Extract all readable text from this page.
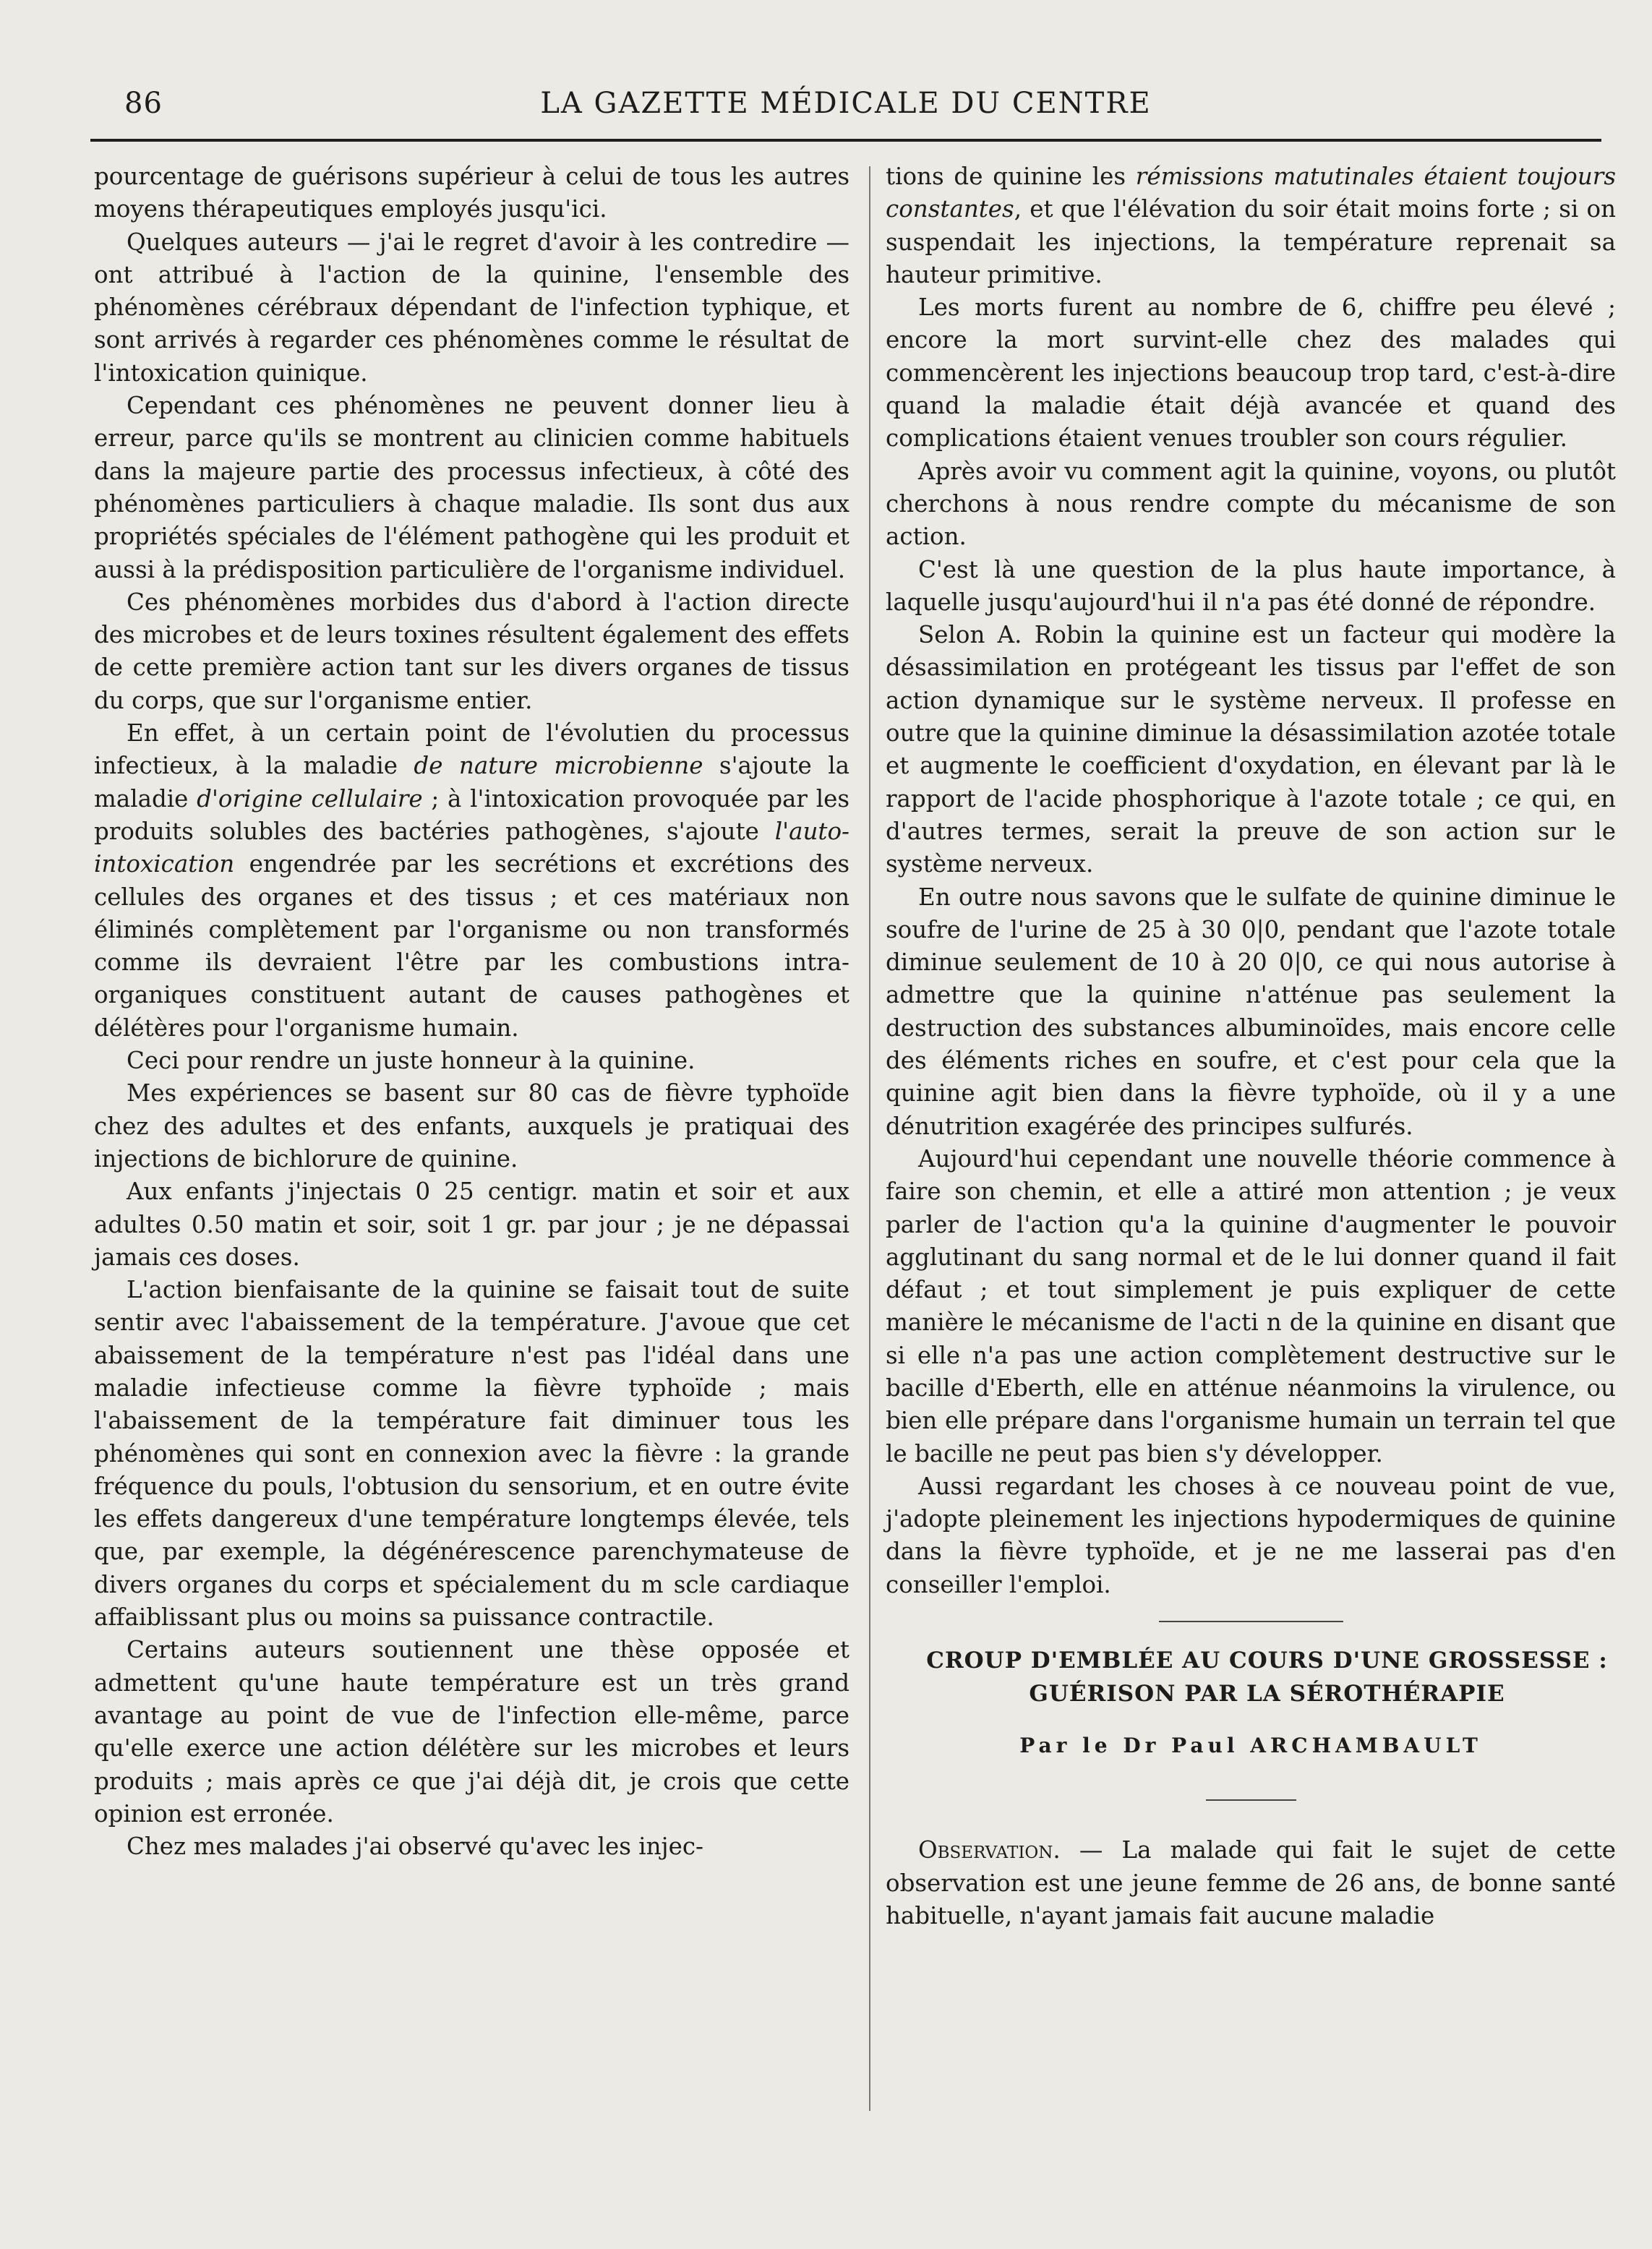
86	LA GAZETTE MÉDICALE DU CENTRE

pourcentage de guérisons supérieur à celui de tous les autres moyens thérapeutiques employés jusqu'ici.

Quelques auteurs — j'ai le regret d'avoir à les contredire — ont attribué à l'action de la quinine, l'ensemble des phénomènes cérébraux dépendant de l'infection typhique, et sont arrivés à regarder ces phénomènes comme le résultat de l'intoxication quinique.

Cependant ces phénomènes ne peuvent donner lieu à erreur, parce qu'ils se montrent au clinicien comme habituels dans la majeure partie des processus infectieux, à côté des phénomènes particuliers à chaque maladie. Ils sont dus aux propriétés spéciales de l'élément pathogène qui les produit et aussi à la prédisposition particulière de l'organisme individuel.

Ces phénomènes morbides dus d'abord à l'action directe des microbes et de leurs toxines résultent également des effets de cette première action tant sur les divers organes de tissus du corps, que sur l'organisme entier.

En effet, à un certain point de l'évolutien du processus infectieux, à la maladie de nature microbienne s'ajoute la maladie d'origine cellulaire ; à l'intoxication provoquée par les produits solubles des bactéries pathogènes, s'ajoute l'auto-intoxication engendrée par les secrétions et excrétions des cellules des organes et des tissus ; et ces matériaux non éliminés complètement par l'organisme ou non transformés comme ils devraient l'être par les combustions intra-organiques constituent autant de causes pathogènes et délétères pour l'organisme humain.

Ceci pour rendre un juste honneur à la quinine.

Mes expériences se basent sur 80 cas de fièvre typhoïde chez des adultes et des enfants, auxquels je pratiquai des injections de bichlorure de quinine.

Aux enfants j'injectais 0 25 centigr. matin et soir et aux adultes 0.50 matin et soir, soit 1 gr. par jour ; je ne dépassai jamais ces doses.

L'action bienfaisante de la quinine se faisait tout de suite sentir avec l'abaissement de la température. J'avoue que cet abaissement de la température n'est pas l'idéal dans une maladie infectieuse comme la fièvre typhoïde ; mais l'abaissement de la température fait diminuer tous les phénomènes qui sont en connexion avec la fièvre : la grande fréquence du pouls, l'obtusion du sensorium, et en outre évite les effets dangereux d'une température longtemps élevée, tels que, par exemple, la dégénérescence parenchymateuse de divers organes du corps et spécialement du m scle cardiaque affaiblissant plus ou moins sa puissance contractile.

Certains auteurs soutiennent une thèse opposée et admettent qu'une haute température est un très grand avantage au point de vue de l'infection elle-même, parce qu'elle exerce une action délétère sur les microbes et leurs produits ; mais après ce que j'ai déjà dit, je crois que cette opinion est erronée.

Chez mes malades j'ai observé qu'avec les injec-

tions de quinine les rémissions matutinales étaient toujours constantes, et que l'élévation du soir était moins forte ; si on suspendait les injections, la température reprenait sa hauteur primitive.

Les morts furent au nombre de 6, chiffre peu élevé ; encore la mort survint-elle chez des malades qui commencèrent les injections beaucoup trop tard, c'est-à-dire quand la maladie était déjà avancée et quand des complications étaient venues troubler son cours régulier.

Après avoir vu comment agit la quinine, voyons, ou plutôt cherchons à nous rendre compte du mécanisme de son action.

C'est là une question de la plus haute importance, à laquelle jusqu'aujourd'hui il n'a pas été donné de répondre.

Selon A. Robin la quinine est un facteur qui modère la désassimilation en protégeant les tissus par l'effet de son action dynamique sur le système nerveux. Il professe en outre que la quinine diminue la désassimilation azotée totale et augmente le coefficient d'oxydation, en élevant par là le rapport de l'acide phosphorique à l'azote totale ; ce qui, en d'autres termes, serait la preuve de son action sur le système nerveux.

En outre nous savons que le sulfate de quinine diminue le soufre de l'urine de 25 à 30 0|0, pendant que l'azote totale diminue seulement de 10 à 20 0|0, ce qui nous autorise à admettre que la quinine n'atténue pas seulement la destruction des substances albuminoïdes, mais encore celle des éléments riches en soufre, et c'est pour cela que la quinine agit bien dans la fièvre typhoïde, où il y a une dénutrition exagérée des principes sulfurés.

Aujourd'hui cependant une nouvelle théorie commence à faire son chemin, et elle a attiré mon attention ; je veux parler de l'action qu'a la quinine d'augmenter le pouvoir agglutinant du sang normal et de le lui donner quand il fait défaut ; et tout simplement je puis expliquer de cette manière le mécanisme de l'acti n de la quinine en disant que si elle n'a pas une action complètement destructive sur le bacille d'Eberth, elle en atténue néanmoins la virulence, ou bien elle prépare dans l'organisme humain un terrain tel que le bacille ne peut pas bien s'y développer.

Aussi regardant les choses à ce nouveau point de vue, j'adopte pleinement les injections hypodermiques de quinine dans la fièvre typhoïde, et je ne me lasserai pas d'en conseiller l'emploi.

CROUP D'EMBLÉE AU COURS D'UNE GROSSESSE :

GUÉRISON PAR LA SÉROTHÉRAPIE

Par le Dr Paul ARCHAMBAULT

Observation. — La malade qui fait le sujet de cette observation est une jeune femme de 26 ans, de bonne santé habituelle, n'ayant jamais fait aucune maladie
